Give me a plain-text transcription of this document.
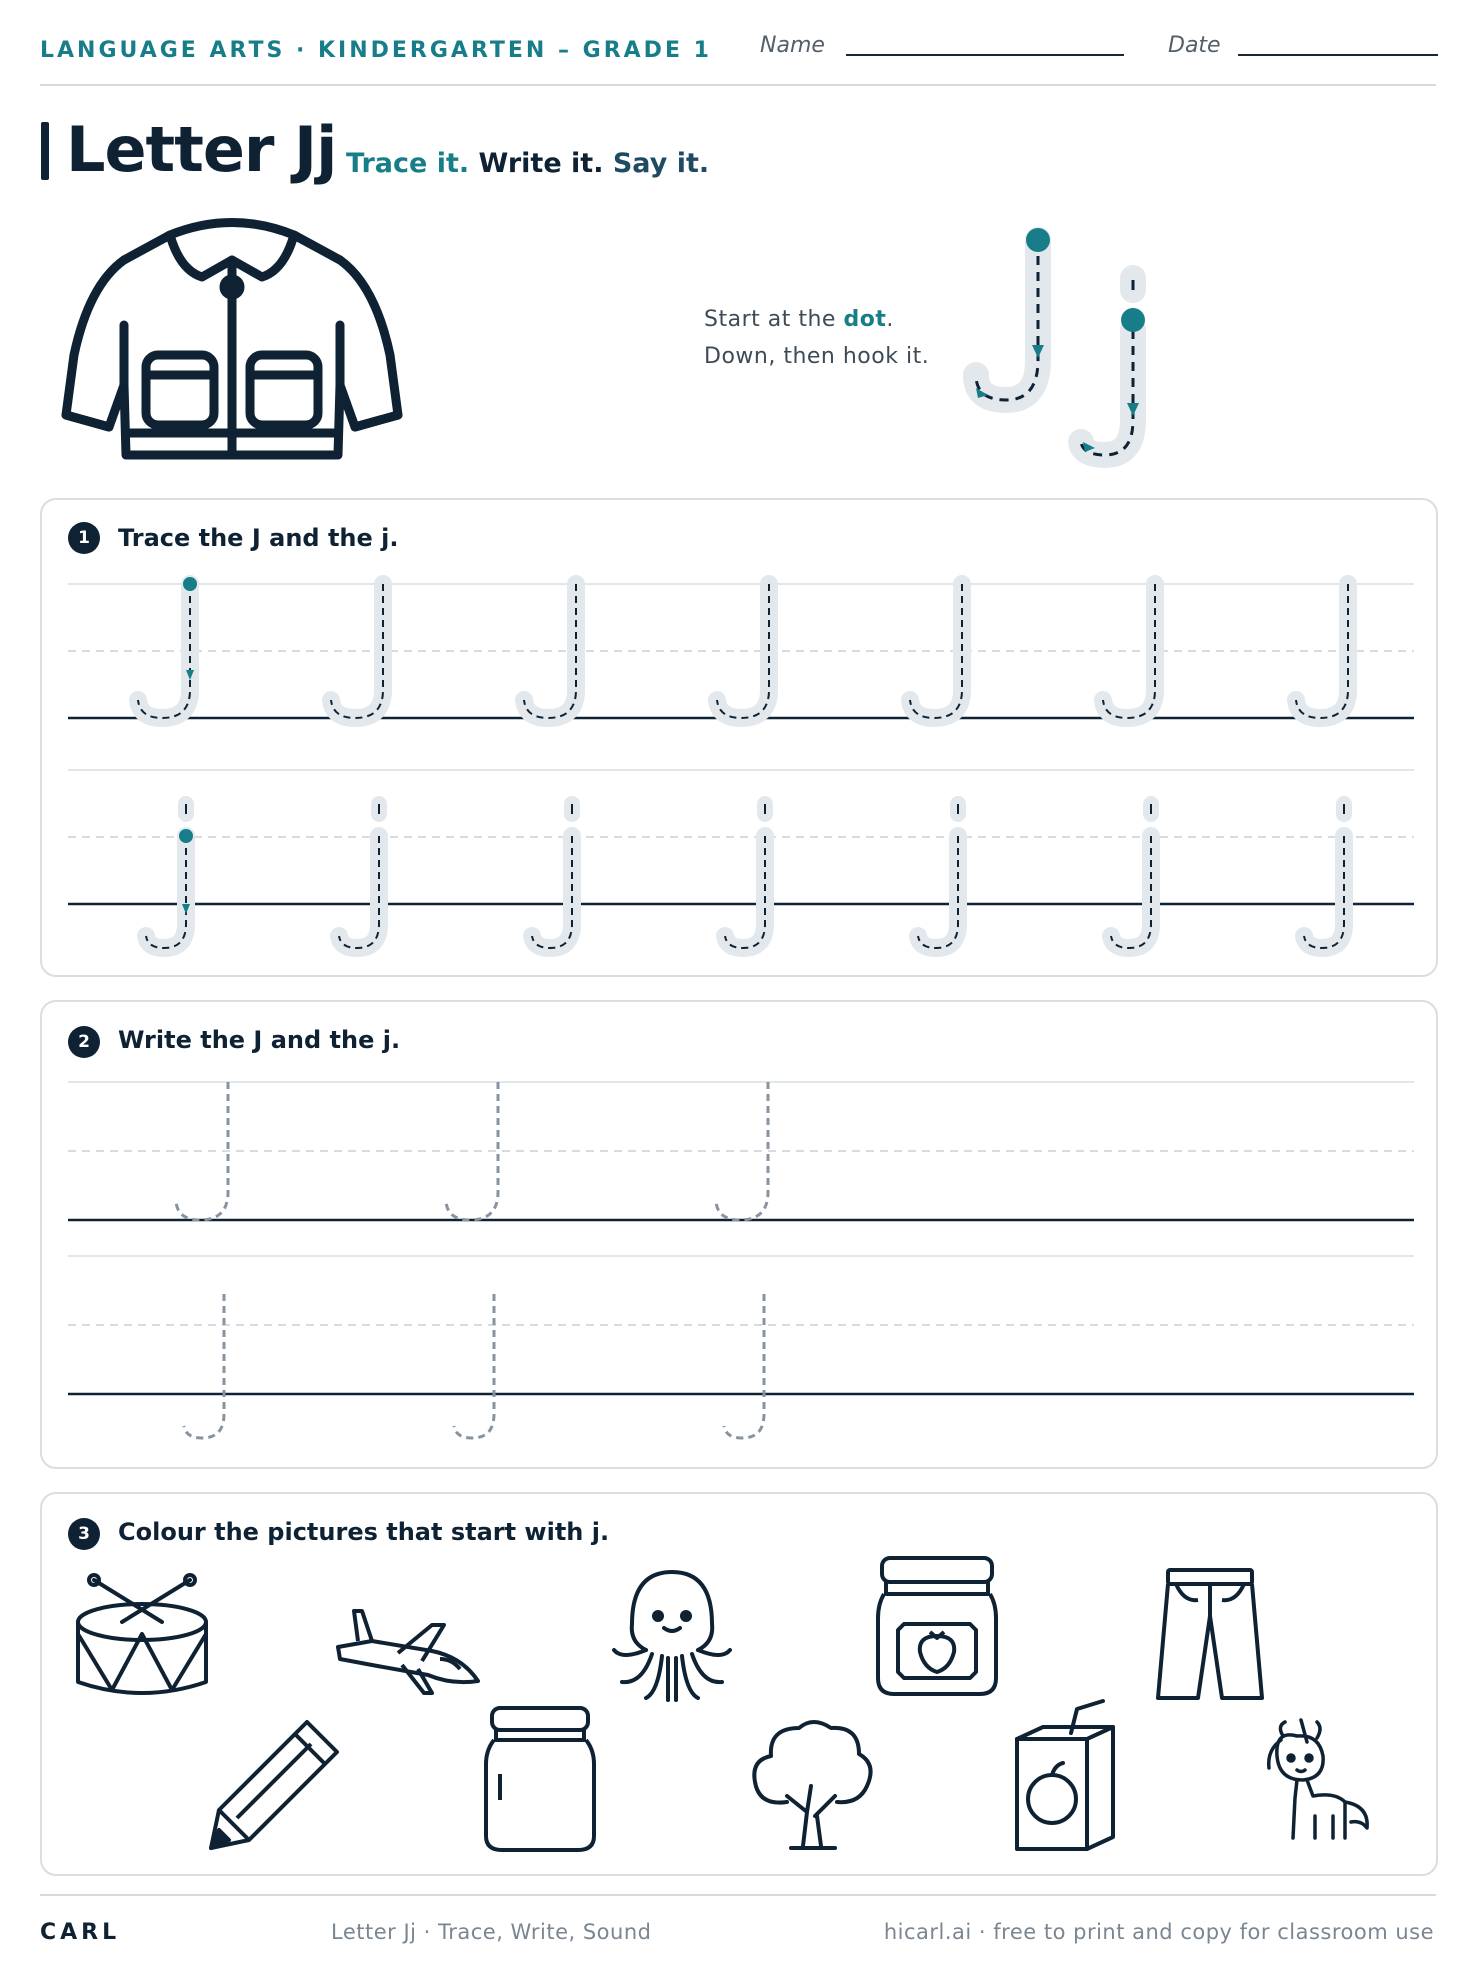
LANGUAGE ARTS · KINDERGARTEN – GRADE 1 Name	Date
Letter Jj Trace it. Write it. Say it.
Start at the dot.
Down, then hook it.
1	Trace the J and the j.
2	Write the J and the j.
3	Colour the pictures that start with j.
CARL	Letter Jj · Trace, Write, Sound	hicarl.ai · free to print and copy for classroom use
